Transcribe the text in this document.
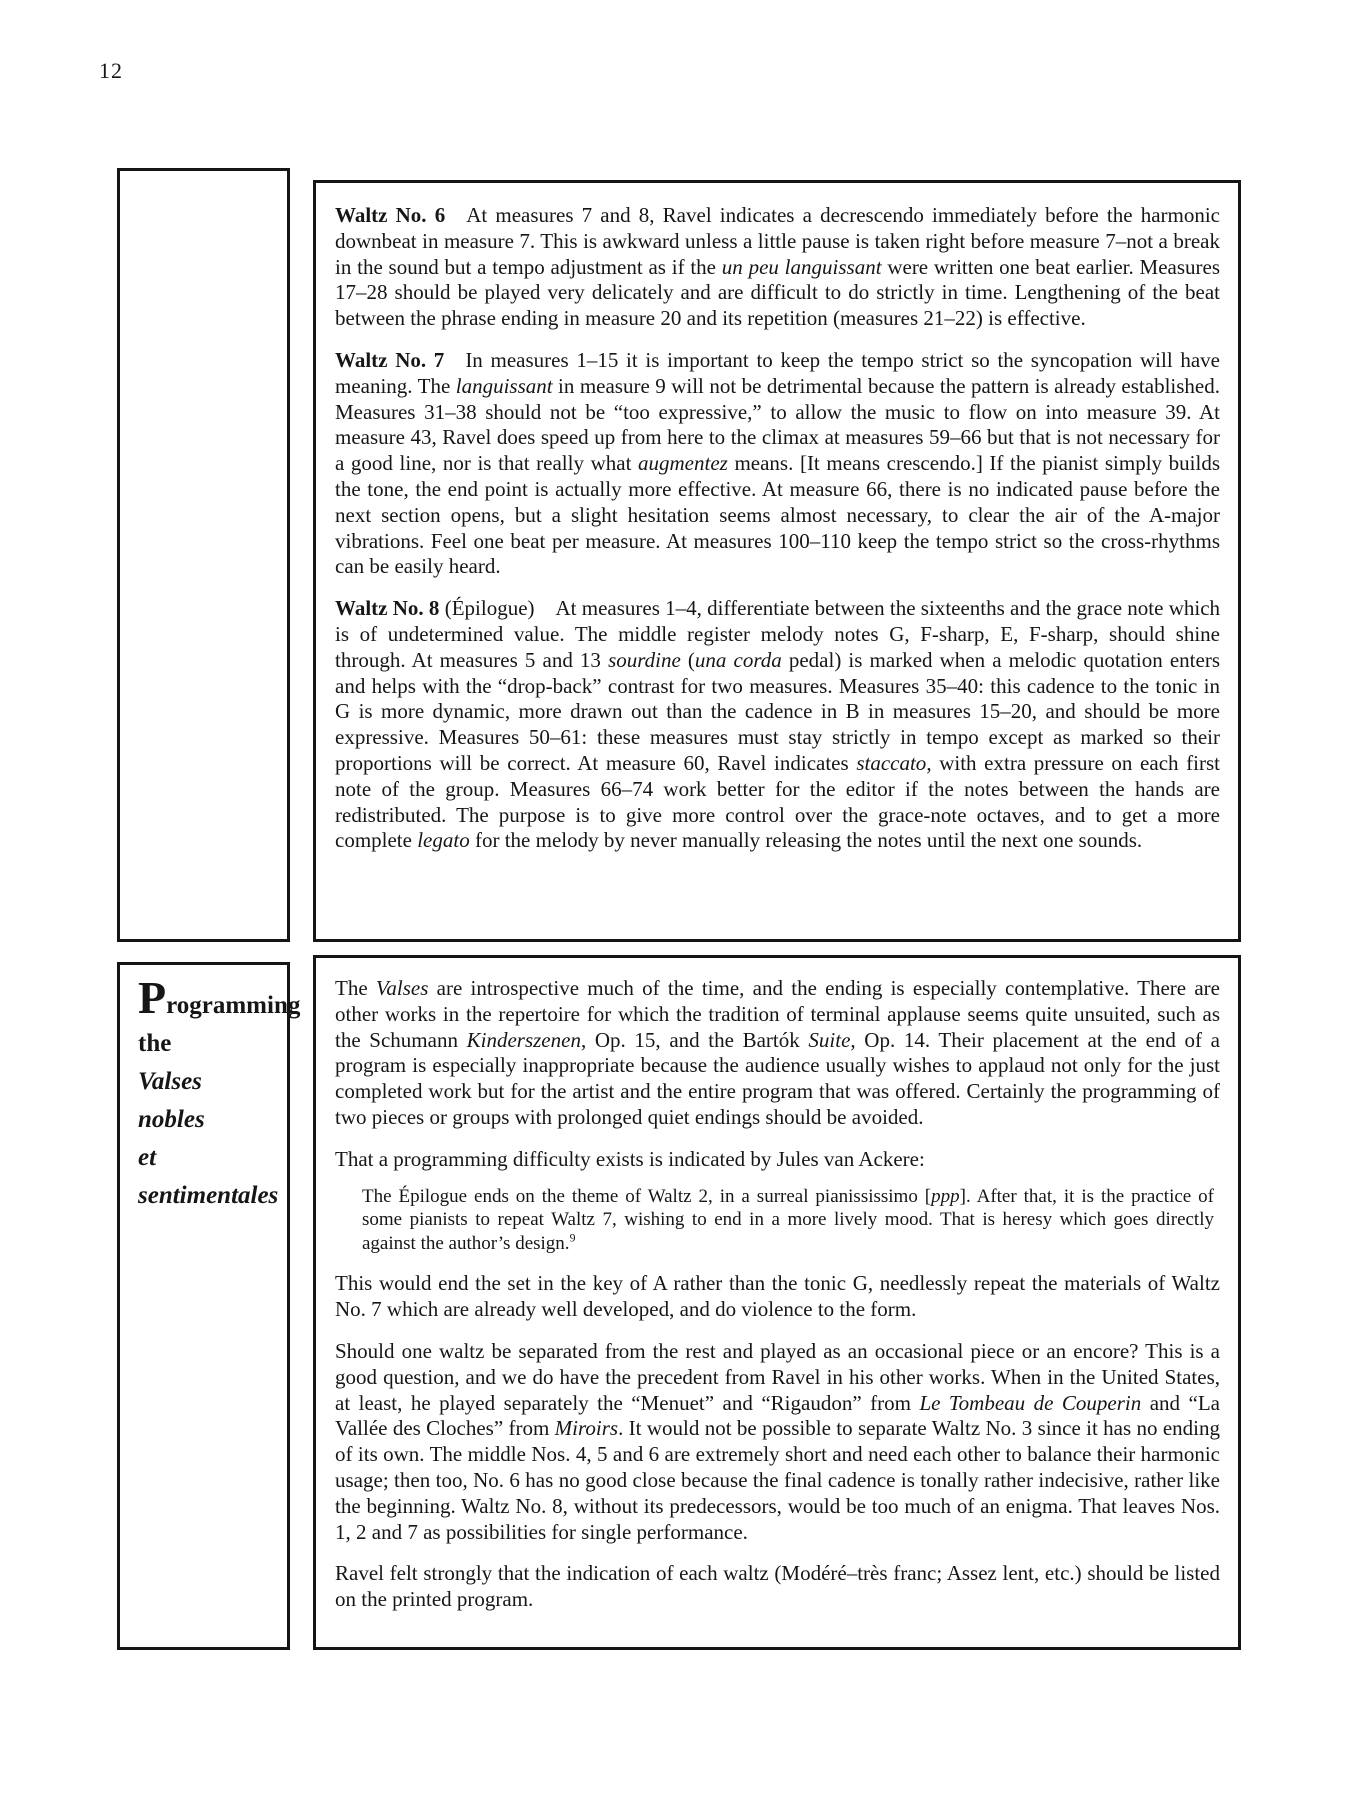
12

Waltz No. 6 At measures 7 and 8, Ravel indicates a decrescendo immediately before the harmonic downbeat in measure 7. This is awkward unless a little pause is taken right before measure 7–not a break in the sound but a tempo adjustment as if the un peu languissant were written one beat earlier. Measures 17–28 should be played very delicately and are difficult to do strictly in time. Lengthening of the beat between the phrase ending in measure 20 and its repetition (measures 21–22) is effective.

Waltz No. 7 In measures 1–15 it is important to keep the tempo strict so the syncopation will have meaning. The languissant in measure 9 will not be detrimental because the pattern is already established. Measures 31–38 should not be “too expressive,” to allow the music to flow on into measure 39. At measure 43, Ravel does speed up from here to the climax at measures 59–66 but that is not necessary for a good line, nor is that really what augmentez means. [It means crescendo.] If the pianist simply builds the tone, the end point is actually more effective. At measure 66, there is no indicated pause before the next section opens, but a slight hesitation seems almost necessary, to clear the air of the A-major vibrations. Feel one beat per measure. At measures 100–110 keep the tempo strict so the cross-rhythms can be easily heard.

Waltz No. 8 (Épilogue) At measures 1–4, differentiate between the sixteenths and the grace note which is of undetermined value. The middle register melody notes G, F-sharp, E, F-sharp, should shine through. At measures 5 and 13 sourdine (una corda pedal) is marked when a melodic quotation enters and helps with the “drop-back” contrast for two measures. Measures 35–40: this cadence to the tonic in G is more dynamic, more drawn out than the cadence in B in measures 15–20, and should be more expressive. Measures 50–61: these measures must stay strictly in tempo except as marked so their proportions will be correct. At measure 60, Ravel indicates staccato, with extra pressure on each first note of the group. Measures 66–74 work better for the editor if the notes between the hands are redistributed. The purpose is to give more control over the grace-note octaves, and to get a more complete legato for the melody by never manually releasing the notes until the next one sounds.

Programming
the
Valses
nobles
et
sentimentales

The Valses are introspective much of the time, and the ending is especially contemplative. There are other works in the repertoire for which the tradition of terminal applause seems quite unsuited, such as the Schumann Kinderszenen, Op. 15, and the Bartók Suite, Op. 14. Their placement at the end of a program is especially inappropriate because the audience usually wishes to applaud not only for the just completed work but for the artist and the entire program that was offered. Certainly the programming of two pieces or groups with prolonged quiet endings should be avoided.

That a programming difficulty exists is indicated by Jules van Ackere:

The Épilogue ends on the theme of Waltz 2, in a surreal pianississimo [ppp]. After that, it is the practice of some pianists to repeat Waltz 7, wishing to end in a more lively mood. That is heresy which goes directly against the author’s design.$^9$

This would end the set in the key of A rather than the tonic G, needlessly repeat the materials of Waltz No. 7 which are already well developed, and do violence to the form.

Should one waltz be separated from the rest and played as an occasional piece or an encore? This is a good question, and we do have the precedent from Ravel in his other works. When in the United States, at least, he played separately the “Menuet” and “Rigaudon” from Le Tombeau de Couperin and “La Vallée des Cloches” from Miroirs. It would not be possible to separate Waltz No. 3 since it has no ending of its own. The middle Nos. 4, 5 and 6 are extremely short and need each other to balance their harmonic usage; then too, No. 6 has no good close because the final cadence is tonally rather indecisive, rather like the beginning. Waltz No. 8, without its predecessors, would be too much of an enigma. That leaves Nos. 1, 2 and 7 as possibilities for single performance.

Ravel felt strongly that the indication of each waltz (Modéré–très franc; Assez lent, etc.) should be listed on the printed program.
